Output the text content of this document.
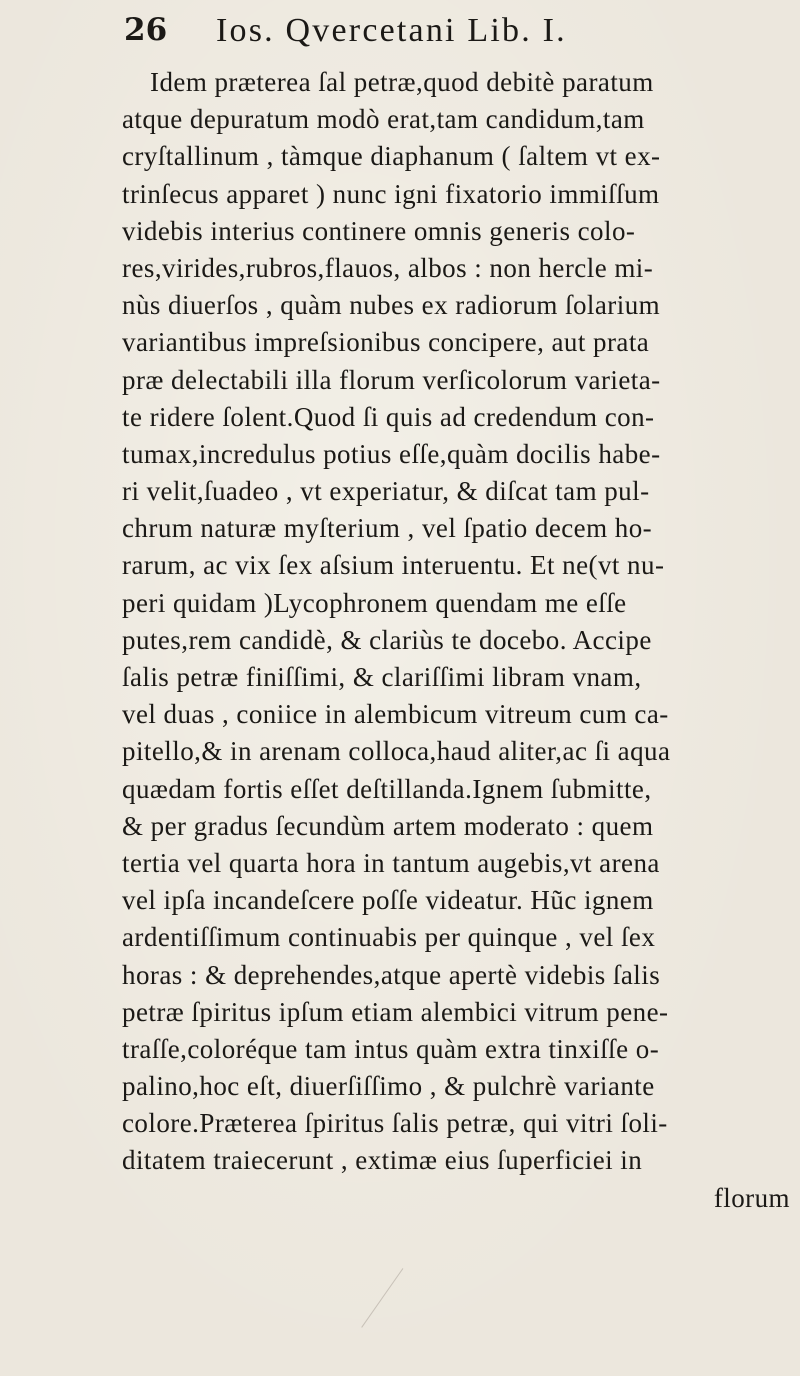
26 Ios. Qvercetani Lib. I.
Idem præterea ſal petræ,quod debitè paratum
atque depuratum modò erat,tam candidum,tam
cryſtallinum , tàmque diaphanum ( ſaltem vt ex-
trinſecus apparet ) nunc igni fixatorio immiſſum
videbis interius continere omnis generis colo-
res,virides,rubros,flauos, albos : non hercle mi-
nùs diuerſos , quàm nubes ex radiorum ſolarium
variantibus impreſsionibus concipere, aut prata
præ delectabili illa florum verſicolorum varieta-
te ridere ſolent.Quod ſi quis ad credendum con-
tumax,incredulus potius eſſe,quàm docilis habe-
ri velit,ſuadeo , vt experiatur, & diſcat tam pul-
chrum naturæ myſterium , vel ſpatio decem ho-
rarum, ac vix ſex aſsium interuentu. Et ne(vt nu-
peri quidam )Lycophronem quendam me eſſe
putes,rem candidè, & clariùs te docebo. Accipe
ſalis petræ finiſſimi, & clariſſimi libram vnam,
vel duas , coniice in alembicum vitreum cum ca-
pitello,& in arenam colloca,haud aliter,ac ſi aqua
quædam fortis eſſet deſtillanda.Ignem ſubmitte,
& per gradus ſecundùm artem moderato : quem
tertia vel quarta hora in tantum augebis,vt arena
vel ipſa incandeſcere poſſe videatur. Hũc ignem
ardentiſſimum continuabis per quinque , vel ſex
horas : & deprehendes,atque apertè videbis ſalis
petræ ſpiritus ipſum etiam alembici vitrum pene-
traſſe,coloréque tam intus quàm extra tinxiſſe o-
palino,hoc eſt, diuerſiſſimo , & pulchrè variante
colore.Præterea ſpiritus ſalis petræ, qui vitri ſoli-
ditatem traiecerunt , extimæ eius ſuperficiei in
florum
